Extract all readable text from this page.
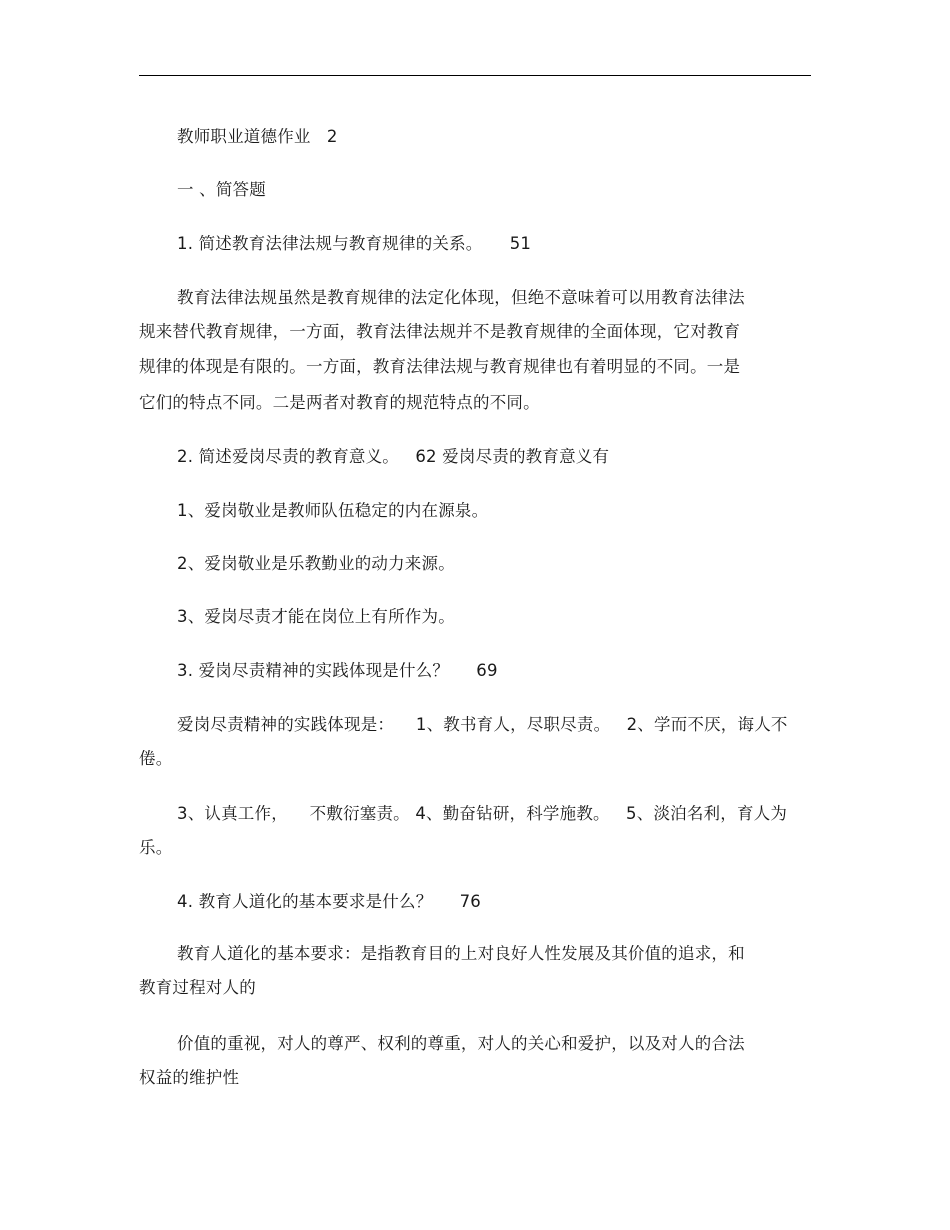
教师职业道德作业   2
一 、简答题
1. 简述教育法律法规与教育规律的关系。     51
教育法律法规虽然是教育规律的法定化体现，但绝不意味着可以用教育法律法
规来替代教育规律，一方面，教育法律法规并不是教育规律的全面体现，它对教育
规律的体现是有限的。一方面，教育法律法规与教育规律也有着明显的不同。一是
它们的特点不同。二是两者对教育的规范特点的不同。
2. 简述爱岗尽责的教育意义。   62 爱岗尽责的教育意义有
1、爱岗敬业是教师队伍稳定的内在源泉。
2、爱岗敬业是乐教勤业的动力来源。
3、爱岗尽责才能在岗位上有所作为。
3. 爱岗尽责精神的实践体现是什么？     69
爱岗尽责精神的实践体现是：    1、教书育人，尽职尽责。   2、学而不厌，诲人不
倦。
3、认真工作，    不敷衍塞责。 4、勤奋钻研，科学施教。   5、淡泊名利，育人为
乐。
4. 教育人道化的基本要求是什么？     76
教育人道化的基本要求：是指教育目的上对良好人性发展及其价值的追求，和
教育过程对人的
价值的重视，对人的尊严、权利的尊重，对人的关心和爱护，以及对人的合法
权益的维护性
